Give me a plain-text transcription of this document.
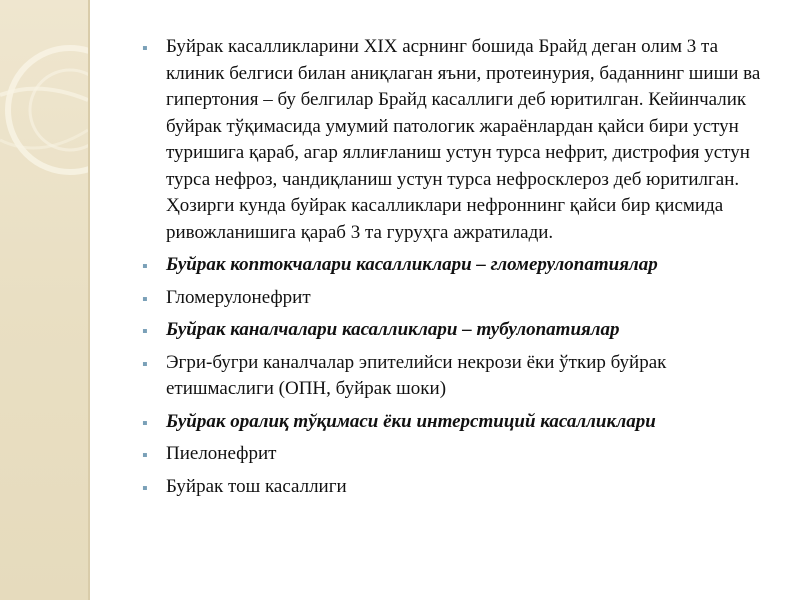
▪ Буйрак касалликларини XIX асрнинг бошида Брайд деган олим 3 та клиник белгиси билан аниқлаган яъни, протеинурия, баданнинг шиши ва гипертония – бу белгилар Брайд касаллиги деб юритилган. Кейинчалик буйрак тўқимасида умумий патологик жараёнлардан қайси бири устун туришига қараб, агар яллиғланиш устун турса нефрит, дистрофия устун турса нефроз, чандиқланиш устун турса нефросклероз деб юритилган. Ҳозирги кунда буйрак касалликлари нефроннинг қайси бир қисмида ривожланишига қараб 3 та гуруҳга ажратилади.
▪ Буйрак коптокчалари касалликлари – гломерулопатиялар
▪ Гломерулонефрит
▪ Буйрак каналчалари касалликлари – тубулопатиялар
▪ Эгри-бугри каналчалар эпителийси некрози ёки ўткир буйрак етишмаслиги (ОПН, буйрак шоки)
▪ Буйрак оралиқ тўқимаси ёки интерстиций касалликлари
▪ Пиелонефрит
▪ Буйрак тош касаллиги
